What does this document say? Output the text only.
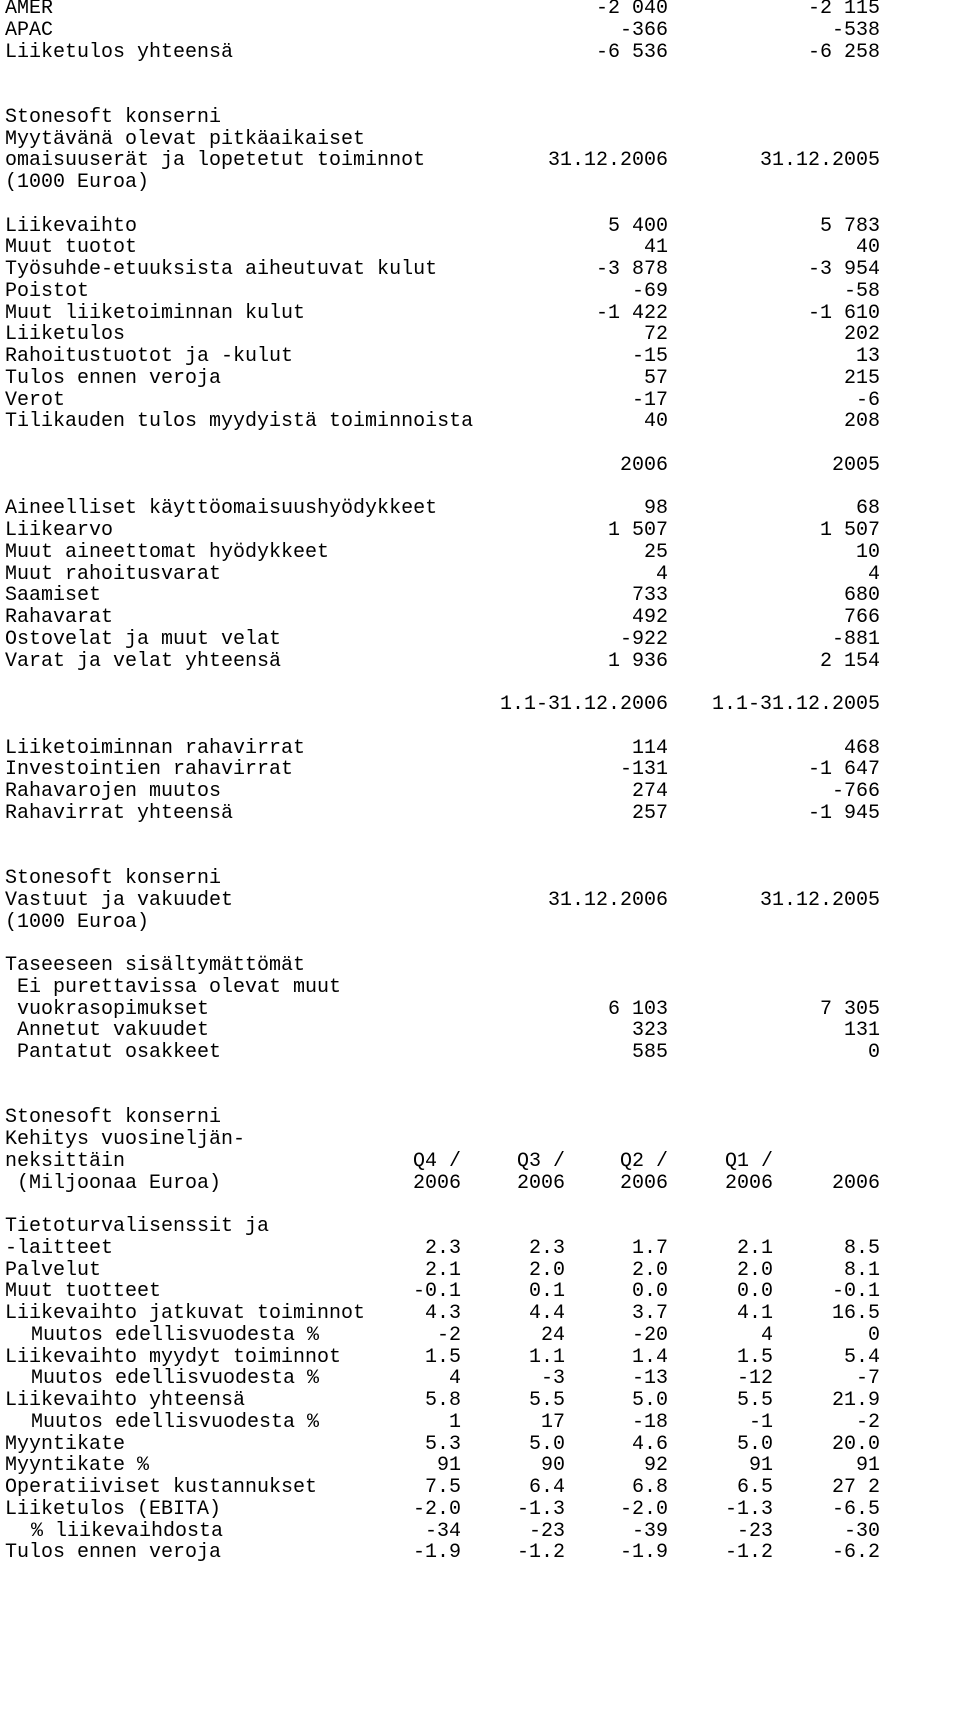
AMER	-2 040	-2 115
APAC	-366	-538
Liiketulos yhteensä	-6 536	-6 258
Stonesoft konserni
Myytävänä olevat pitkäaikaiset
omaisuuserät ja lopetetut toiminnot	31.12.2006	31.12.2005
(1000 Euroa)
Liikevaihto	5 400	5 783
Muut tuotot	41	40
Työsuhde-etuuksista aiheutuvat kulut	-3 878	-3 954
Poistot	-69	-58
Muut liiketoiminnan kulut	-1 422	-1 610
Liiketulos	72	202
Rahoitustuotot ja -kulut	-15	13
Tulos ennen veroja	57	215
Verot	-17	-6
Tilikauden tulos myydyistä toiminnoista	40	208
2006	2005
Aineelliset käyttöomaisuushyödykkeet	98	68
Liikearvo	1 507	1 507
Muut aineettomat hyödykkeet	25	10
Muut rahoitusvarat	4	4
Saamiset	733	680
Rahavarat	492	766
Ostovelat ja muut velat	-922	-881
Varat ja velat yhteensä	1 936	2 154
1.1-31.12.2006 1.1-31.12.2005
Liiketoiminnan rahavirrat	114	468
Investointien rahavirrat	-131	-1 647
Rahavarojen muutos	274	-766
Rahavirrat yhteensä	257	-1 945
Stonesoft konserni
Vastuut ja vakuudet	31.12.2006	31.12.2005
(1000 Euroa)
Taseeseen sisältymättömät
Ei purettavissa olevat muut
vuokrasopimukset	6 103	7 305
Annetut vakuudet	323	131
Pantatut osakkeet	585	0
Stonesoft konserni
Kehitys vuosineljän-
neksittäin	Q4 /	Q3 /	Q2 /	Q1 /
(Miljoonaa Euroa)	2006	2006	2006	2006	2006
Tietoturvalisenssit ja
-laitteet	2.3	2.3	1.7	2.1	8.5
Palvelut	2.1	2.0	2.0	2.0	8.1
Muut tuotteet	-0.1	0.1	0.0	0.0	-0.1
Liikevaihto jatkuvat toiminnot	4.3	4.4	3.7	4.1	16.5
Muutos edellisvuodesta %	-2	24	-20	4	0
Liikevaihto myydyt toiminnot	1.5	1.1	1.4	1.5	5.4
Muutos edellisvuodesta %	4	-3	-13	-12	-7
Liikevaihto yhteensä	5.8	5.5	5.0	5.5	21.9
Muutos edellisvuodesta %	1	17	-18	-1	-2
Myyntikate	5.3	5.0	4.6	5.0	20.0
Myyntikate %	91	90	92	91	91
Operatiiviset kustannukset	7.5	6.4	6.8	6.5	27 2
Liiketulos (EBITA)	-2.0	-1.3	-2.0	-1.3	-6.5
% liikevaihdosta	-34	-23	-39	-23	-30
Tulos ennen veroja	-1.9	-1.2	-1.9	-1.2	-6.2
